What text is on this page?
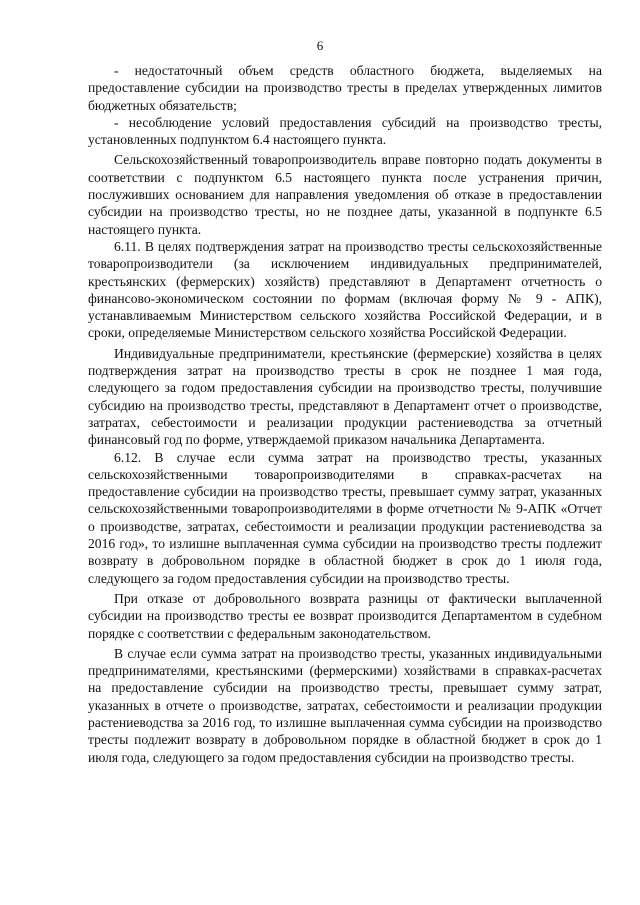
6

- недостаточный объем средств областного бюджета, выделяемых на предоставление субсидии на производство тресты в пределах утвержденных лимитов бюджетных обязательств;

- несоблюдение условий предоставления субсидий на производство тресты, установленных подпунктом 6.4 настоящего пункта.

Сельскохозяйственный товаропроизводитель вправе повторно подать документы в соответствии с подпунктом 6.5 настоящего пункта после устранения причин, послуживших основанием для направления уведомления об отказе в предоставлении субсидии на производство тресты, но не позднее даты, указанной в подпункте 6.5 настоящего пункта.

6.11. В целях подтверждения затрат на производство тресты сельскохозяйственные товаропроизводители (за исключением индивидуальных предпринимателей, крестьянских (фермерских) хозяйств) представляют в Департамент отчетность о финансово-экономическом состоянии по формам (включая форму № 9 - АПК), устанавливаемым Министерством сельского хозяйства Российской Федерации, и в сроки, определяемые Министерством сельского хозяйства Российской Федерации.

Индивидуальные предприниматели, крестьянские (фермерские) хозяйства в целях подтверждения затрат на производство тресты в срок не позднее 1 мая года, следующего за годом предоставления субсидии на производство тресты, получившие субсидию на производство тресты, представляют в Департамент отчет о производстве, затратах, себестоимости и реализации продукции растениеводства за отчетный финансовый год по форме, утверждаемой приказом начальника Департамента.

6.12. В случае если сумма затрат на производство тресты, указанных сельскохозяйственными товаропроизводителями в справках-расчетах на предоставление субсидии на производство тресты, превышает сумму затрат, указанных сельскохозяйственными товаропроизводителями в форме отчетности № 9-АПК «Отчет о производстве, затратах, себестоимости и реализации продукции растениеводства за 2016 год», то излишне выплаченная сумма субсидии на производство тресты подлежит возврату в добровольном порядке в областной бюджет в срок до 1 июля года, следующего за годом предоставления субсидии на производство тресты.

При отказе от добровольного возврата разницы от фактически выплаченной субсидии на производство тресты ее возврат производится Департаментом в судебном порядке с соответствии с федеральным законодательством.

В случае если сумма затрат на производство тресты, указанных индивидуальными предпринимателями, крестьянскими (фермерскими) хозяйствами в справках-расчетах на предоставление субсидии на производство тресты, превышает сумму затрат, указанных в отчете о производстве, затратах, себестоимости и реализации продукции растениеводства за 2016 год, то излишне выплаченная сумма субсидии на производство тресты подлежит возврату в добровольном порядке в областной бюджет в срок до 1 июля года, следующего за годом предоставления субсидии на производство тресты.
